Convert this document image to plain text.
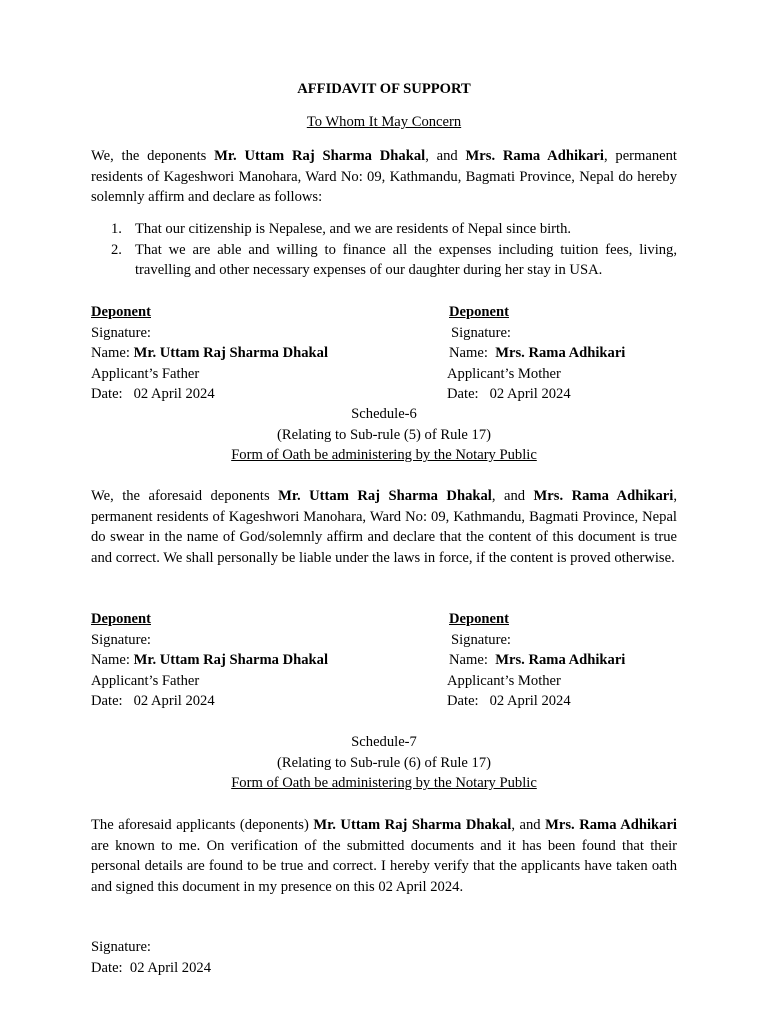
AFFIDAVIT OF SUPPORT
To Whom It May Concern
We, the deponents Mr. Uttam Raj Sharma Dhakal, and Mrs. Rama Adhikari, permanent residents of Kageshwori Manohara, Ward No: 09, Kathmandu, Bagmati Province, Nepal do hereby solemnly affirm and declare as follows:
1. That our citizenship is Nepalese, and we are residents of Nepal since birth.
2. That we are able and willing to finance all the expenses including tuition fees, living, travelling and other necessary expenses of our daughter during her stay in USA.
Deponent
Signature:
Name: Mr. Uttam Raj Sharma Dhakal
Applicant’s Father
Date:   02 April 2024
Deponent
Signature:
Name:  Mrs. Rama Adhikari
Applicant’s Mother
Date:   02 April 2024
Schedule-6
(Relating to Sub-rule (5) of Rule 17)
Form of Oath be administering by the Notary Public
We, the aforesaid deponents Mr. Uttam Raj Sharma Dhakal, and Mrs. Rama Adhikari, permanent residents of Kageshwori Manohara, Ward No: 09, Kathmandu, Bagmati Province, Nepal do swear in the name of God/solemnly affirm and declare that the content of this document is true and correct. We shall personally be liable under the laws in force, if the content is proved otherwise.
Deponent
Signature:
Name: Mr. Uttam Raj Sharma Dhakal
Applicant’s Father
Date:   02 April 2024
Deponent
Signature:
Name:  Mrs. Rama Adhikari
Applicant’s Mother
Date:   02 April 2024
Schedule-7
(Relating to Sub-rule (6) of Rule 17)
Form of Oath be administering by the Notary Public
The aforesaid applicants (deponents) Mr. Uttam Raj Sharma Dhakal, and Mrs. Rama Adhikari are known to me. On verification of the submitted documents and it has been found that their personal details are found to be true and correct. I hereby verify that the applicants have taken oath and signed this document in my presence on this 02 April 2024.
Signature:
Date:  02 April 2024
